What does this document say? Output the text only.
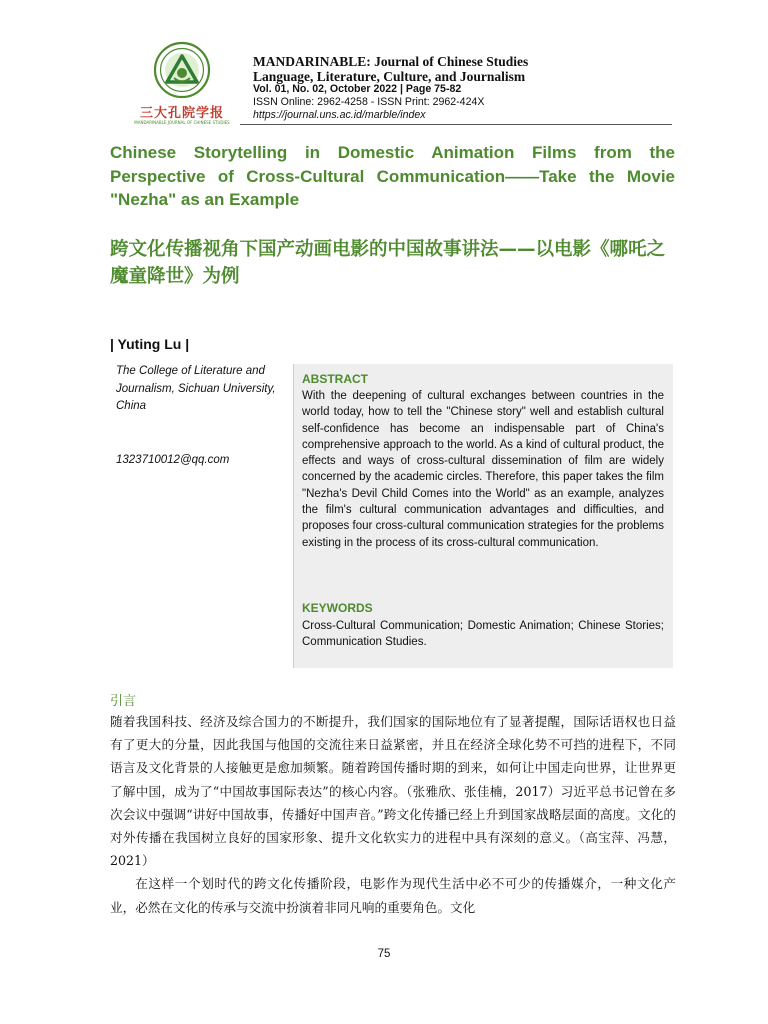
三大孔院学报
MANDARINABLE JOURNAL OF CHINESE STUDIES
MANDARINABLE: Journal of Chinese Studies
Language, Literature, Culture, and Journalism
Vol. 01, No. 02, October 2022 | Page 75-82
ISSN Online: 2962-4258 - ISSN Print: 2962-424X
https://journal.uns.ac.id/marble/index
Chinese Storytelling in Domestic Animation Films from the Perspective of Cross-Cultural Communication——Take the Movie "Nezha" as an Example
跨文化传播视角下国产动画电影的中国故事讲法——以电影《哪吒之魔童降世》为例
| Yuting Lu |
The College of Literature and Journalism, Sichuan University, China
1323710012@qq.com
ABSTRACT
With the deepening of cultural exchanges between countries in the world today, how to tell the "Chinese story" well and establish cultural self-confidence has become an indispensable part of China's comprehensive approach to the world. As a kind of cultural product, the effects and ways of cross-cultural dissemination of film are widely concerned by the academic circles. Therefore, this paper takes the film "Nezha's Devil Child Comes into the World" as an example, analyzes the film's cultural communication advantages and difficulties, and proposes four cross-cultural communication strategies for the problems existing in the process of its cross-cultural communication.
KEYWORDS
Cross-Cultural Communication; Domestic Animation; Chinese Stories; Communication Studies.
引言

随着我国科技、经济及综合国力的不断提升，我们国家的国际地位有了显著提醒，国际话语权也日益有了更大的分量，因此我国与他国的交流往来日益紧密，并且在经济全球化势不可挡的进程下，不同语言及文化背景的人接触更是愈加频繁。随着跨国传播时期的到来，如何让中国走向世界，让世界更了解中国，成为了“中国故事国际表达”的核心内容。（张雅欣、张佳楠，2017）习近平总书记曾在多次会议中强调“讲好中国故事，传播好中国声音。”跨文化传播已经上升到国家战略层面的高度。文化的对外传播在我国树立良好的国家形象、提升文化软实力的进程中具有深刻的意义。（高宝萍、冯慧，2021）

在这样一个划时代的跨文化传播阶段，电影作为现代生活中必不可少的传播媒介，一种文化产业，必然在文化的传承与交流中扮演着非同凡响的重要角色。文化

75
